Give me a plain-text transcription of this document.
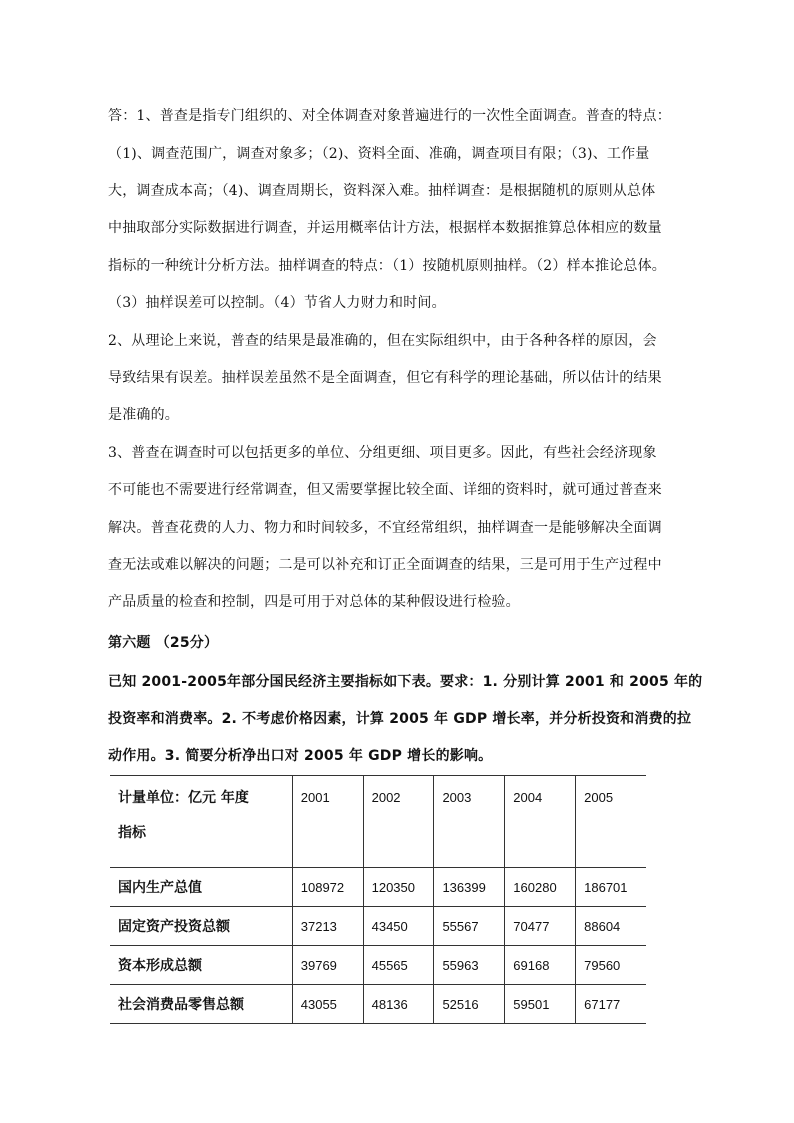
答：1、普查是指专门组织的、对全体调查对象普遍进行的一次性全面调查。普查的特点：
（1)、调查范围广，调查对象多；（2)、资料全面、准确，调查项目有限；（3)、工作量
大，调查成本高；（4)、调查周期长，资料深入难。抽样调查：是根据随机的原则从总体
中抽取部分实际数据进行调查，并运用概率估计方法，根据样本数据推算总体相应的数量
指标的一种统计分析方法。抽样调查的特点：（1）按随机原则抽样。（2）样本推论总体。
（3）抽样误差可以控制。（4）节省人力财力和时间。
2、从理论上来说，普查的结果是最准确的，但在实际组织中，由于各种各样的原因，会
导致结果有误差。抽样误差虽然不是全面调查，但它有科学的理论基础，所以估计的结果
是准确的。
3、普查在调查时可以包括更多的单位、分组更细、项目更多。因此，有些社会经济现象
不可能也不需要进行经常调查，但又需要掌握比较全面、详细的资料时，就可通过普查来
解决。普查花费的人力、物力和时间较多，不宜经常组织，抽样调查一是能够解决全面调
查无法或难以解决的问题；二是可以补充和订正全面调查的结果，三是可用于生产过程中
产品质量的检查和控制，四是可用于对总体的某种假设进行检验。
第六题 （25分）
已知 2001-2005年部分国民经济主要指标如下表。要求：1. 分别计算 2001 和 2005 年的
投资率和消费率。2. 不考虑价格因素，计算 2005 年 GDP 增长率，并分析投资和消费的拉
动作用。3. 简要分析净出口对 2005 年 GDP 增长的影响。
计量单位：亿元 年度
指标	2001	2002	2003	2004	2005
国内生产总值	108972	120350	136399	160280	186701
固定资产投资总额	37213	43450	55567	70477	88604
资本形成总额	39769	45565	55963	69168	79560
社会消费品零售总额	43055	48136	52516	59501	67177
